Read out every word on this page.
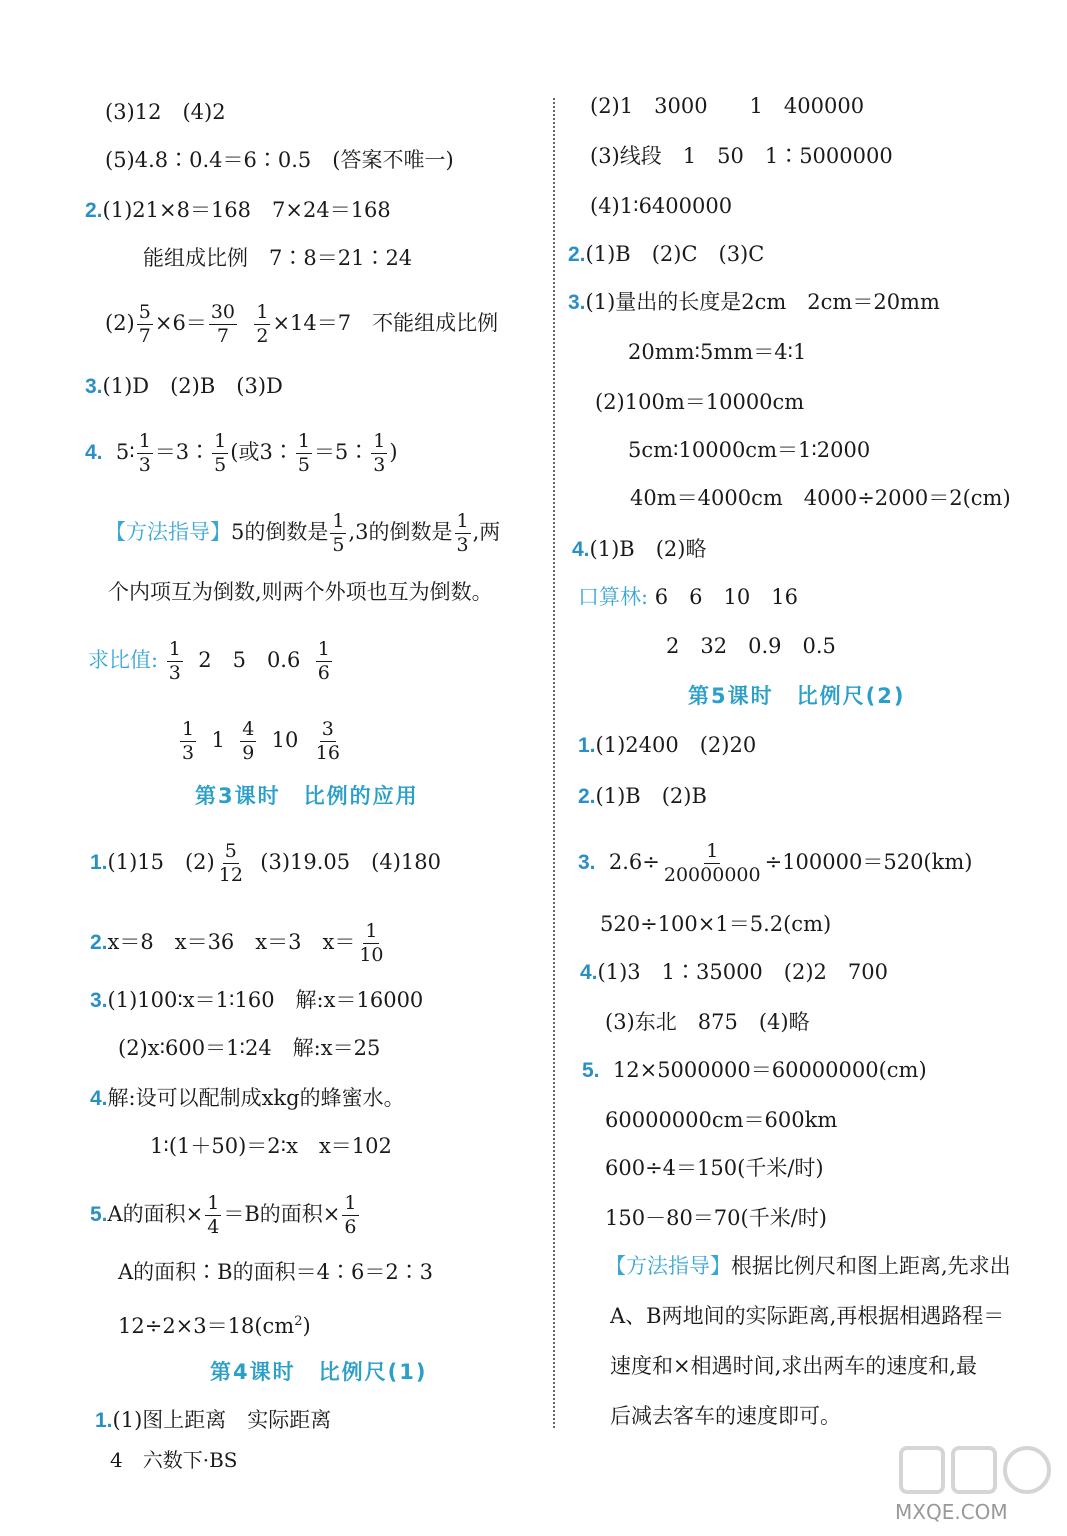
(3)12　(4)2
(5)4.8∶0.4＝6∶0.5　(答案不唯一)
2.(1)21×8＝168　7×24＝168
能组成比例　7∶8＝21∶24
$(2) \frac{5}{7} \times 6= \frac{30}{7}$
$\frac{1}{2} \times 14=7$　不能组成比例
3.(1)D　(2)B　(3)D
4. 5∶ $\frac{1}{3}$ ＝3∶ $\frac{1}{5}$ (或3∶ $\frac{1}{5}$ ＝5∶ $\frac{1}{3}$ )
【方法指导】5的倒数是 $\frac{1}{5} ,3$的倒数是 $\frac{1}{3}$ ,两
个内项互为倒数,则两个外项也互为倒数。
求比值: $\frac{1}{3} 2$　5　$0.6 \frac{1}{6}$
$\frac{1}{3} 1 \frac{4}{9} 10 \frac{3}{16}$
第3课时　比例的应用
1.(1)15　$(2) \frac{5}{12} (3)19.05$　(4)180
2.x＝8　x＝36　x＝3　$x= \frac{1}{10}$
3.(1)100∶x＝1∶160　解:x＝16000
(2)x∶600＝1∶24　解:x＝25
4.解:设可以配制成xkg的蜂蜜水。
1∶(1＋50)＝2∶x　x＝102
5.A的面积× $\frac{1}{4} =B$的面积× $\frac{1}{6}$
A的面积∶B的面积＝4∶6＝2∶3
$12\div 2\times 3=18(cm^2)$
第4课时　比例尺(1)
1.(1)图上距离　实际距离
4　六数下·BS
(2)1　3000　　1　400000
(3)线段　1　50　1∶5000000
(4)1∶6400000
2.(1)B　(2)C　(3)C
3.(1)量出的长度是2cm　2cm＝20mm
20mm∶5mm＝4∶1
(2)100m＝10000cm
5cm∶10000cm＝1∶2000
40m＝4000cm　4000÷2000＝2(cm)
4.(1)B　(2)略
口算林: 6　6　10　16
2　32　0.9　0.5
第5课时　比例尺(2)
1.(1)2400　(2)20
2.(1)B　(2)B
3. $2.6\div \frac{1}{20000000} \div 100000=520(km)$
520÷100×1＝5.2(cm)
4.(1)3　1∶35000　(2)2　700
(3)东北　875　(4)略
5. 12×5000000＝60000000(cm)
60000000cm＝600km
600÷4＝150(千米/时)
150－80＝70(千米/时)
【方法指导】根据比例尺和图上距离,先求出
A、B两地间的实际距离,再根据相遇路程＝
速度和×相遇时间,求出两车的速度和,最
后减去客车的速度即可。
MXQE.COM
